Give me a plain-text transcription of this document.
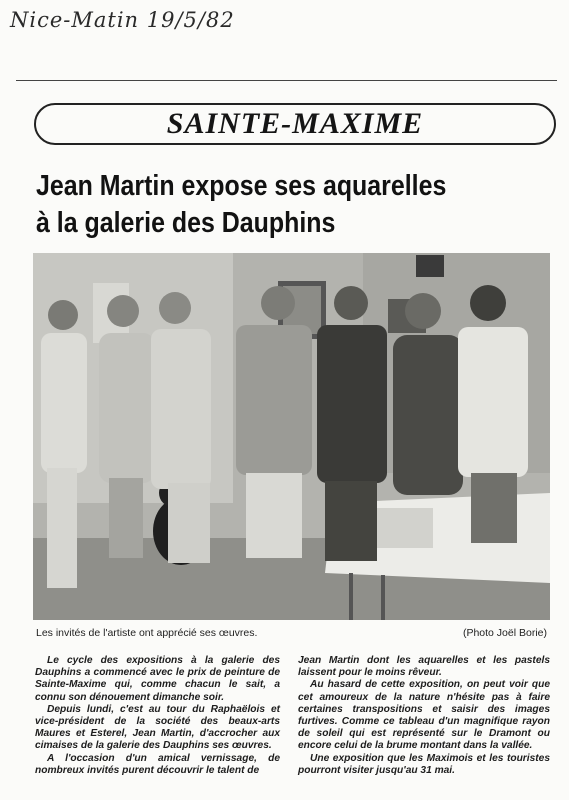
Nice-Matin 19/5/82
SAINTE-MAXIME
Jean Martin expose ses aquarelles
à la galerie des Dauphins
Les invités de l'artiste ont apprécié ses œuvres.	(Photo Joël Borie)

Le cycle des expositions à la galerie des Dauphins a commencé avec le prix de peinture de Sainte-Maxime qui, comme chacun le sait, a connu son dénouement dimanche soir.

Depuis lundi, c'est au tour du Raphaëlois et vice-président de la société des beaux-arts Maures et Esterel, Jean Martin, d'accrocher aux cimaises de la galerie des Dauphins ses œuvres.

A l'occasion d'un amical vernissage, de nombreux invités purent découvrir le talent de

Jean Martin dont les aquarelles et les pastels laissent pour le moins rêveur.

Au hasard de cette exposition, on peut voir que cet amoureux de la nature n'hésite pas à faire certaines transpositions et saisir des images furtives. Comme ce tableau d'un magnifique rayon de soleil qui est représenté sur le Dramont ou encore celui de la brume montant dans la vallée.

Une exposition que les Maximois et les touristes pourront visiter jusqu'au 31 mai.
